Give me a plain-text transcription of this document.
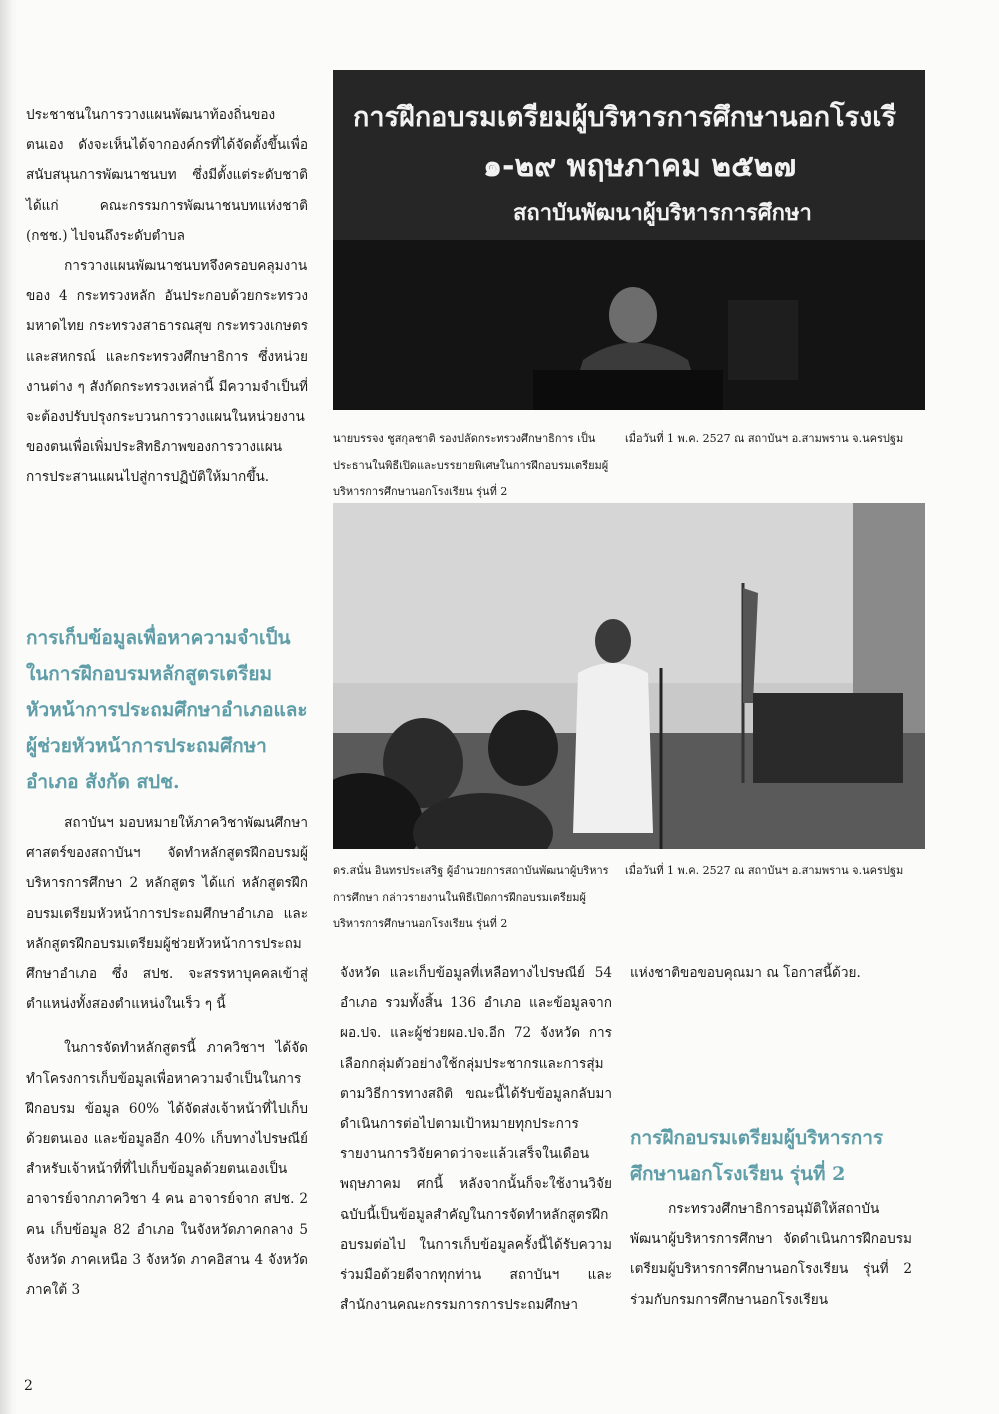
ประชาชนในการวางแผนพัฒนาท้องถิ่นของตนเอง ดังจะเห็นได้จากองค์กรที่ได้จัดตั้งขึ้นเพื่อสนับสนุนการพัฒนาชนบท ซึ่งมีตั้งแต่ระดับชาติ ได้แก่ คณะกรรมการพัฒนาชนบทแห่งชาติ (กชช.) ไปจนถึงระดับตำบล

การวางแผนพัฒนาชนบทจึงครอบคลุมงานของ 4 กระทรวงหลัก อันประกอบด้วยกระทรวงมหาดไทย กระทรวงสาธารณสุข กระทรวงเกษตรและสหกรณ์ และกระทรวงศึกษาธิการ ซึ่งหน่วยงานต่าง ๆ สังกัดกระทรวงเหล่านี้ มีความจำเป็นที่จะต้องปรับปรุงกระบวนการวางแผนในหน่วยงานของตนเพื่อเพิ่มประสิทธิภาพของการวางแผน การประสานแผนไปสู่การปฏิบัติให้มากขึ้น.

การเก็บข้อมูลเพื่อหาความจำเป็นในการฝึกอบรมหลักสูตรเตรียมหัวหน้าการประถมศึกษาอำเภอและผู้ช่วยหัวหน้าการประถมศึกษาอำเภอ สังกัด สปช.

สถาบันฯ มอบหมายให้ภาควิชาพัฒนศึกษาศาสตร์ของสถาบันฯ จัดทำหลักสูตรฝึกอบรมผู้บริหารการศึกษา 2 หลักสูตร ได้แก่ หลักสูตรฝึกอบรมเตรียมหัวหน้าการประถมศึกษาอำเภอ และหลักสูตรฝึกอบรมเตรียมผู้ช่วยหัวหน้าการประถมศึกษาอำเภอ ซึ่ง สปช. จะสรรหาบุคคลเข้าสู่ตำแหน่งทั้งสองตำแหน่งในเร็ว ๆ นี้

ในการจัดทำหลักสูตรนี้ ภาควิชาฯ ได้จัดทำโครงการเก็บข้อมูลเพื่อหาความจำเป็นในการฝึกอบรม ข้อมูล 60% ได้จัดส่งเจ้าหน้าที่ไปเก็บด้วยตนเอง และข้อมูลอีก 40% เก็บทางไปรษณีย์ สำหรับเจ้าหน้าที่ที่ไปเก็บข้อมูลด้วยตนเองเป็นอาจารย์จากภาควิชา 4 คน อาจารย์จาก สปช. 2 คน เก็บข้อมูล 82 อำเภอ ในจังหวัดภาคกลาง 5 จังหวัด ภาคเหนือ 3 จังหวัด ภาคอิสาน 4 จังหวัด ภาคใต้ 3

การฝึกอบรมเตรียมผู้บริหารการศึกษานอกโรงเรี
๑-๒๙ พฤษภาคม ๒๕๒๗
สถาบันพัฒนาผู้บริหารการศึกษา
นายบรรจง ชูสกุลชาติ รองปลัดกระทรวงศึกษาธิการ เป็นประธานในพิธีเปิดและบรรยายพิเศษในการฝึกอบรมเตรียมผู้บริหารการศึกษานอกโรงเรียน รุ่นที่ 2
เมื่อวันที่ 1 พ.ค. 2527 ณ สถาบันฯ อ.สามพราน จ.นครปฐม
ดร.สนั่น อินทรประเสริฐ ผู้อำนวยการสถาบันพัฒนาผู้บริหารการศึกษา กล่าวรายงานในพิธีเปิดการฝึกอบรมเตรียมผู้บริหารการศึกษานอกโรงเรียน รุ่นที่ 2
เมื่อวันที่ 1 พ.ค. 2527 ณ สถาบันฯ อ.สามพราน จ.นครปฐม

จังหวัด และเก็บข้อมูลที่เหลือทางไปรษณีย์ 54 อำเภอ รวมทั้งสิ้น 136 อำเภอ และข้อมูลจาก ผอ.ปจ. และผู้ช่วยผอ.ปจ.อีก 72 จังหวัด การเลือกกลุ่มตัวอย่างใช้กลุ่มประชากรและการสุ่มตามวิธีการทางสถิติ ขณะนี้ได้รับข้อมูลกลับมาดำเนินการต่อไปตามเป้าหมายทุกประการ รายงานการวิจัยคาดว่าจะแล้วเสร็จในเดือนพฤษภาคม ศกนี้ หลังจากนั้นก็จะใช้งานวิจัยฉบับนี้เป็นข้อมูลสำคัญในการจัดทำหลักสูตรฝึกอบรมต่อไป ในการเก็บข้อมูลครั้งนี้ได้รับความร่วมมือด้วยดีจากทุกท่าน สถาบันฯ และสำนักงานคณะกรรมการการประถมศึกษา

แห่งชาติขอขอบคุณมา ณ โอกาสนี้ด้วย.

การฝึกอบรมเตรียมผู้บริหารการศึกษานอกโรงเรียน รุ่นที่ 2

กระทรวงศึกษาธิการอนุมัติให้สถาบันพัฒนาผู้บริหารการศึกษา จัดดำเนินการฝึกอบรมเตรียมผู้บริหารการศึกษานอกโรงเรียน รุ่นที่ 2 ร่วมกับกรมการศึกษานอกโรงเรียน

2
